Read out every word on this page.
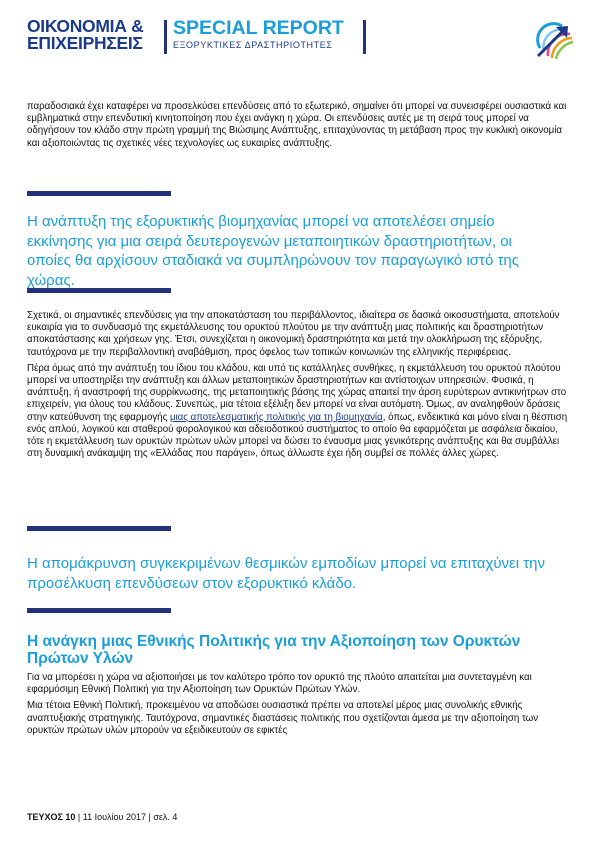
ΟΙΚΟΝΟΜΙΑ &
ΕΠΙΧΕΙΡΗΣΕΙΣ
SPECIAL REPORT
ΕΞΟΡΥΚΤΙΚΕΣ ΔΡΑΣΤΗΡΙΟΤΗΤΕΣ

παραδοσιακά έχει καταφέρει να προσελκύσει επενδύσεις από το εξωτερικό, σημαίνει ότι μπορεί να συνεισφέρει ουσιαστικά και εμβληματικά στην επενδυτική κινητοποίηση που έχει ανάγκη η χώρα. Οι επενδύσεις αυτές με τη σειρά τους μπορεί να οδηγήσουν τον κλάδο στην πρώτη γραμμή της Βιώσιμης Ανάπτυξης, επιταχύνοντας τη μετάβαση προς την κυκλική οικονομία και αξιοποιώντας τις σχετικές νέες τεχνολογίες ως ευκαιρίες ανάπτυξης.

Η ανάπτυξη της εξορυκτικής βιομηχανίας μπορεί να αποτελέσει σημείο εκκίνησης για μια σειρά δευτερογενών μεταποιητικών δραστηριοτήτων, οι οποίες θα αρχίσουν σταδιακά να συμπληρώνουν τον παραγωγικό ιστό της χώρας.

Σχετικά, οι σημαντικές επενδύσεις για την αποκατάσταση του περιβάλλοντος, ιδιαίτερα σε δασικά οικοσυστήματα, αποτελούν ευκαιρία για το συνδυασμό της εκμετάλλευσης του ορυκτού πλούτου με την ανάπτυξη μιας πολιτικής και δραστηριοτήτων αποκατάστασης και χρήσεων γης. Έτσι, συνεχίζεται η οικονομική δραστηριότητα και μετά την ολοκλήρωση της εξόρυξης, ταυτόχρονα με την περιβαλλοντική αναβάθμιση, προς όφελος των τοπικών κοινωνιών της ελληνικής περιφέρειας.

Πέρα όμως από την ανάπτυξη του ίδιου του κλάδου, και υπό τις κατάλληλες συνθήκες, η εκμετάλλευση του ορυκτού πλούτου μπορεί να υποστηρίξει την ανάπτυξη και άλλων μεταποιητικών δραστηριοτήτων και αντίστοιχων υπηρεσιών. Φυσικά, η ανάπτυξη, ή αναστροφή της συρρίκνωσης, της μεταποιητικής βάσης της χώρας απαιτεί την άρση ευρύτερων αντικινήτρων στο επιχειρείν, για όλους του κλάδους. Συνεπώς, μια τέτοια εξέλιξη δεν μπορεί να είναι αυτόματη. Όμως, αν αναληφθούν δράσεις στην κατεύθυνση της εφαρμογής μιας αποτελεσματικής πολιτικής για τη βιομηχανία, όπως, ενδεικτικά και μόνο είναι η θέσπιση ενός απλού, λογικού και σταθερού φορολογικού και αδειοδοτικού συστήματος το οποίο θα εφαρμόζεται με ασφάλεια δικαίου, τότε η εκμετάλλευση των ορυκτών πρώτων υλών μπορεί να δώσει το έναυσμα μιας γενικότερης ανάπτυξης και θα συμβάλλει στη δυναμική ανάκαμψη της «Ελλάδας που παράγει», όπως άλλωστε έχει ήδη συμβεί σε πολλές άλλες χώρες.

Η απομάκρυνση συγκεκριμένων θεσμικών εμποδίων μπορεί να επιταχύνει την προσέλκυση επενδύσεων στον εξορυκτικό κλάδο.

Η ανάγκη μιας Εθνικής Πολιτικής για την Αξιοποίηση των Ορυκτών Πρώτων Υλών

Για να μπορέσει η χώρα να αξιοποιήσει με τον καλύτερο τρόπο τον ορυκτό της πλούτο απαιτείται μια συντεταγμένη και εφαρμόσιμη Εθνική Πολιτική για την Αξιοποίηση των Ορυκτών Πρώτων Υλών.

Μια τέτοια Εθνική Πολιτική, προκειμένου να αποδώσει ουσιαστικά πρέπει να αποτελεί μέρος μιας συνολικής εθνικής αναπτυξιακής στρατηγικής. Ταυτόχρονα, σημαντικές διαστάσεις πολιτικής που σχετίζονται άμεσα με την αξιοποίηση των ορυκτών πρώτων υλών μπορούν να εξειδικευτούν σε εφικτές

ΤΕΥΧΟΣ 10 | 11 Ιουλίου 2017 | σελ. 4
